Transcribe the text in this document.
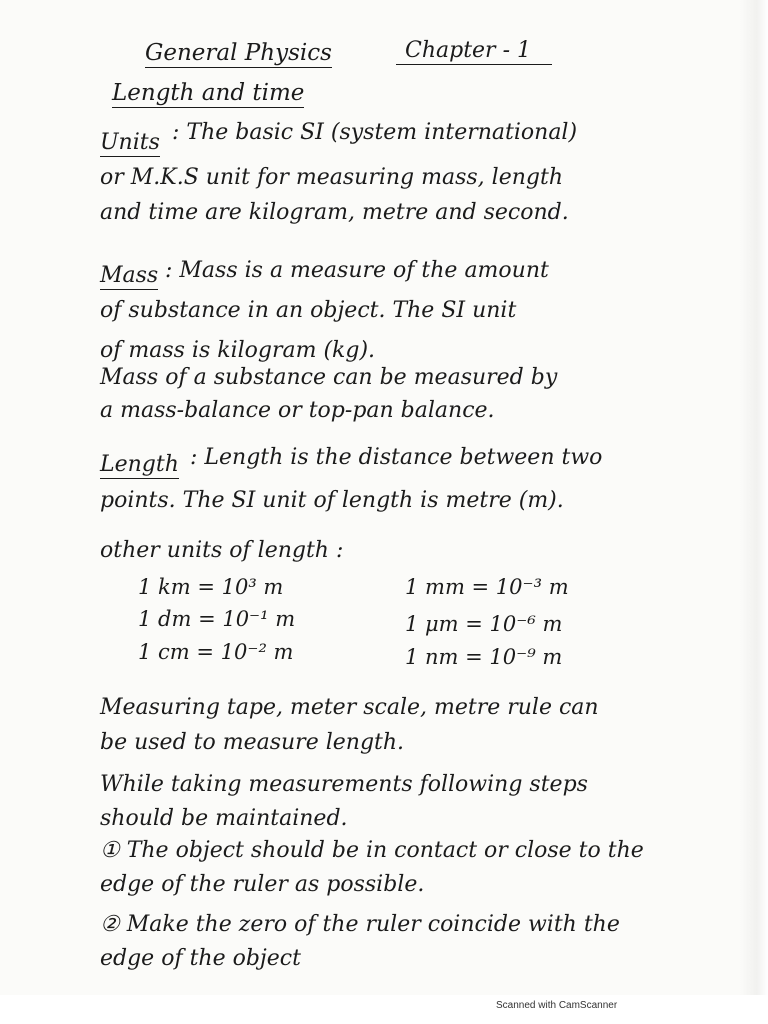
General Physics	Chapter - 1
Length and time
Units : The basic SI (system international)
or M.K.S unit for measuring mass, length
and time are kilogram, metre and second.
Mass : Mass is a measure of the amount
of substance in an object. The SI unit
of mass is kilogram (kg).
Mass of a substance can be measured by
a mass-balance or top-pan balance.
Length : Length is the distance between two
points. The SI unit of length is metre (m).
other units of length :
1 km = 10³ m
1 dm = 10⁻¹ m
1 cm = 10⁻² m
1 mm = 10⁻³ m
1 μm = 10⁻⁶ m
1 nm = 10⁻⁹ m
Measuring tape, meter scale, metre rule can
be used to measure length.
While taking measurements following steps
should be maintained.
① The object should be in contact or close to the
edge of the ruler as possible.
② Make the zero of the ruler coincide with the
edge of the object
Scanned with CamScanner
